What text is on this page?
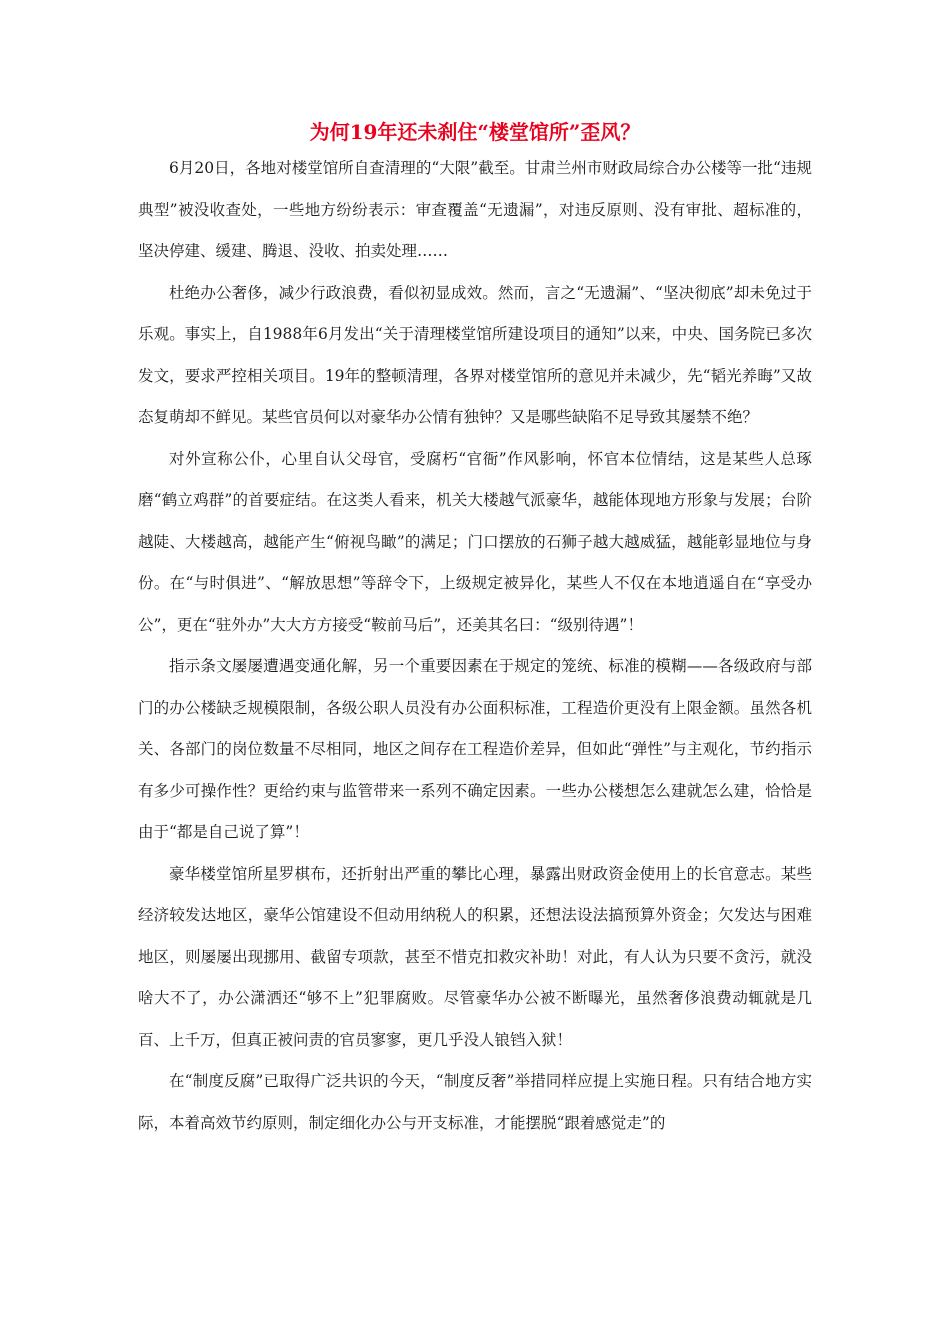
为何19年还未刹住“楼堂馆所”歪风？

6月20日，各地对楼堂馆所自查清理的“大限”截至。甘肃兰州市财政局综合办公楼等一批“违规典型”被没收查处，一些地方纷纷表示：审查覆盖“无遗漏”，对违反原则、没有审批、超标准的，坚决停建、缓建、腾退、没收、拍卖处理……

杜绝办公奢侈，减少行政浪费，看似初显成效。然而，言之“无遗漏”、“坚决彻底”却未免过于乐观。事实上，自1988年6月发出“关于清理楼堂馆所建设项目的通知”以来，中央、国务院已多次发文，要求严控相关项目。19年的整顿清理，各界对楼堂馆所的意见并未减少，先“韬光养晦”又故态复萌却不鲜见。某些官员何以对豪华办公情有独钟？又是哪些缺陷不足导致其屡禁不绝？

对外宣称公仆，心里自认父母官，受腐朽“官衙”作风影响，怀官本位情结，这是某些人总琢磨“鹤立鸡群”的首要症结。在这类人看来，机关大楼越气派豪华，越能体现地方形象与发展；台阶越陡、大楼越高，越能产生“俯视鸟瞰”的满足；门口摆放的石狮子越大越威猛，越能彰显地位与身份。在“与时俱进”、“解放思想”等辞令下，上级规定被异化，某些人不仅在本地逍遥自在“享受办公”，更在“驻外办”大大方方接受“鞍前马后”，还美其名曰：“级别待遇”！

指示条文屡屡遭遇变通化解，另一个重要因素在于规定的笼统、标准的模糊——各级政府与部门的办公楼缺乏规模限制，各级公职人员没有办公面积标准，工程造价更没有上限金额。虽然各机关、各部门的岗位数量不尽相同，地区之间存在工程造价差异，但如此“弹性”与主观化，节约指示有多少可操作性？更给约束与监管带来一系列不确定因素。一些办公楼想怎么建就怎么建，恰恰是由于“都是自己说了算”！

豪华楼堂馆所星罗棋布，还折射出严重的攀比心理，暴露出财政资金使用上的长官意志。某些经济较发达地区，豪华公馆建设不但动用纳税人的积累，还想法设法搞预算外资金；欠发达与困难地区，则屡屡出现挪用、截留专项款，甚至不惜克扣救灾补助！对此，有人认为只要不贪污，就没啥大不了，办公潇洒还“够不上”犯罪腐败。尽管豪华办公被不断曝光，虽然奢侈浪费动辄就是几百、上千万，但真正被问责的官员寥寥，更几乎没人锒铛入狱！

在“制度反腐”已取得广泛共识的今天，“制度反奢”举措同样应提上实施日程。只有结合地方实际，本着高效节约原则，制定细化办公与开支标准，才能摆脱“跟着感觉走”的
